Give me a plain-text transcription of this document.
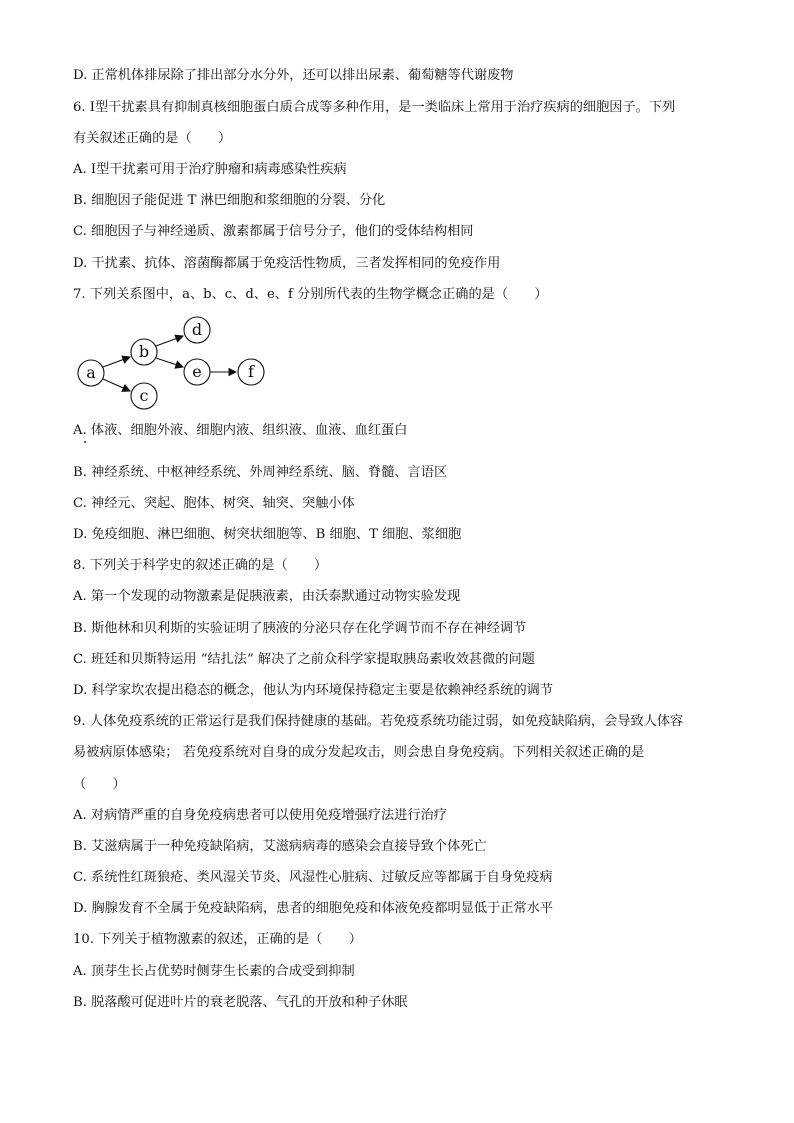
D. 正常机体排尿除了排出部分水分外，还可以排出尿素、葡萄糖等代谢废物
6. Ⅰ型干扰素具有抑制真核细胞蛋白质合成等多种作用，是一类临床上常用于治疗疾病的细胞因子。下列
有关叙述正确的是（　　）
A. Ⅰ型干扰素可用于治疗肿瘤和病毒感染性疾病
B. 细胞因子能促进 T 淋巴细胞和浆细胞的分裂、分化
C. 细胞因子与神经递质、激素都属于信号分子，他们的受体结构相同
D. 干扰素、抗体、溶菌酶都属于免疫活性物质，三者发挥相同的免疫作用
7. 下列关系图中，a、b、c、d、e、f 分别所代表的生物学概念正确的是（　　）
a
b
c
d
e	f
A. 体液、细胞外液、细胞内液、组织液、血液、血红蛋白
B. 神经系统、中枢神经系统、外周神经系统、脑、脊髓、言语区
C. 神经元、突起、胞体、树突、轴突、突触小体
D. 免疫细胞、淋巴细胞、树突状细胞等、B 细胞、T 细胞、浆细胞
8. 下列关于科学史的叙述正确的是（　　）
A. 第一个发现的动物激素是促胰液素，由沃泰默通过动物实验发现
B. 斯他林和贝利斯的实验证明了胰液的分泌只存在化学调节而不存在神经调节
C. 班廷和贝斯特运用 “结扎法” 解决了之前众科学家提取胰岛素收效甚微的问题
D. 科学家坎农提出稳态的概念，他认为内环境保持稳定主要是依赖神经系统的调节
9. 人体免疫系统的正常运行是我们保持健康的基础。若免疫系统功能过弱，如免疫缺陷病，会导致人体容
易被病原体感染； 若免疫系统对自身的成分发起攻击，则会患自身免疫病。下列相关叙述正确的是
（　　）
A. 对病情严重的自身免疫病患者可以使用免疫增强疗法进行治疗
B. 艾滋病属于一种免疫缺陷病，艾滋病病毒的感染会直接导致个体死亡
C. 系统性红斑狼疮、类风湿关节炎、风湿性心脏病、过敏反应等都属于自身免疫病
D. 胸腺发育不全属于免疫缺陷病，患者的细胞免疫和体液免疫都明显低于正常水平
10. 下列关于植物激素的叙述，正确的是（　　）
A. 顶芽生长占优势时侧芽生长素的合成受到抑制
B. 脱落酸可促进叶片的衰老脱落、气孔的开放和种子休眠
